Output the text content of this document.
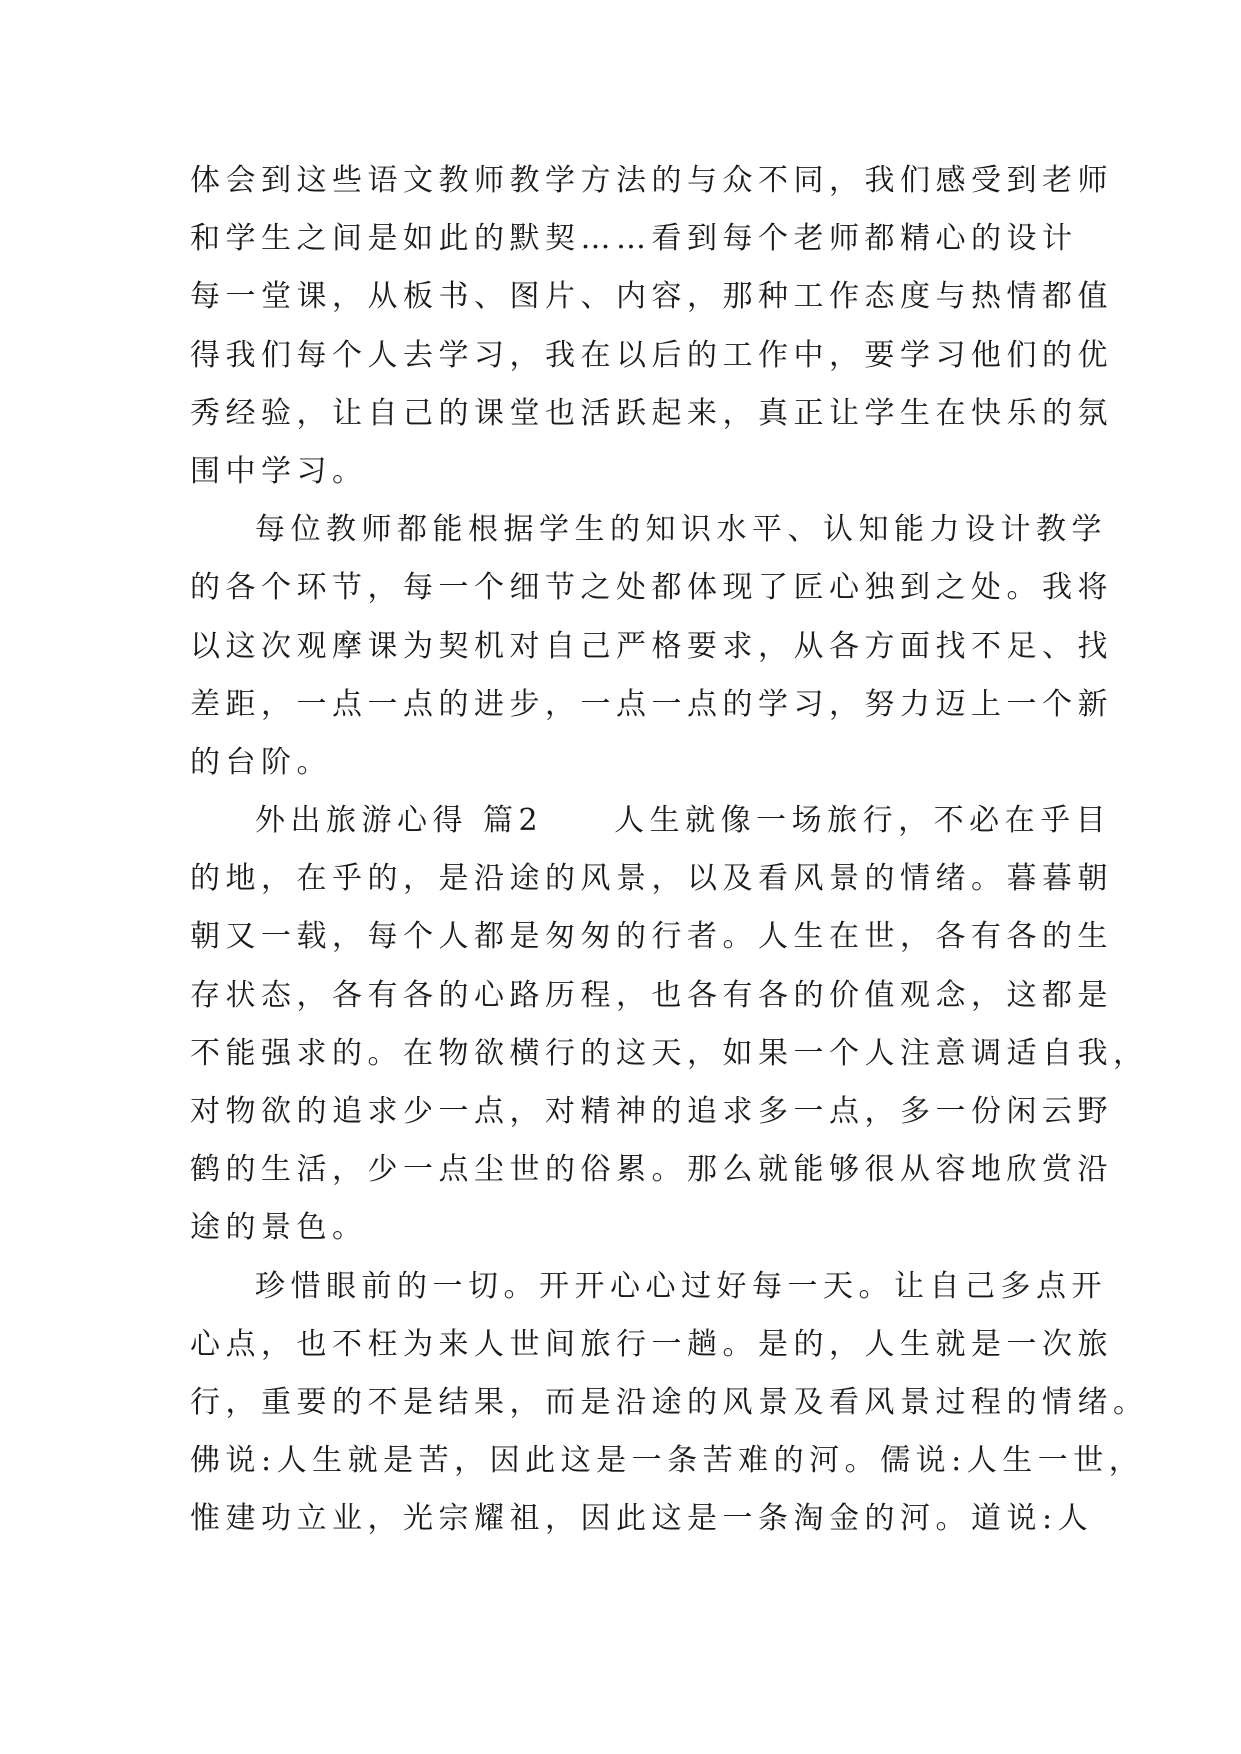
体会到这些语文教师教学方法的与众不同，我们感受到老师
和学生之间是如此的默契……看到每个老师都精心的设计
每一堂课，从板书、图片、内容，那种工作态度与热情都值
得我们每个人去学习，我在以后的工作中，要学习他们的优
秀经验，让自己的课堂也活跃起来，真正让学生在快乐的氛
围中学习。
每位教师都能根据学生的知识水平、认知能力设计教学
的各个环节，每一个细节之处都体现了匠心独到之处。我将
以这次观摩课为契机对自己严格要求，从各方面找不足、找
差距，一点一点的进步，一点一点的学习，努力迈上一个新
的台阶。
外出旅游心得 篇2　　人生就像一场旅行，不必在乎目
的地，在乎的，是沿途的风景，以及看风景的情绪。暮暮朝
朝又一载，每个人都是匆匆的行者。人生在世，各有各的生
存状态，各有各的心路历程，也各有各的价值观念，这都是
不能强求的。在物欲横行的这天，如果一个人注意调适自我，
对物欲的追求少一点，对精神的追求多一点，多一份闲云野
鹤的生活，少一点尘世的俗累。那么就能够很从容地欣赏沿
途的景色。
珍惜眼前的一切。开开心心过好每一天。让自己多点开
心点，也不枉为来人世间旅行一趟。是的，人生就是一次旅
行，重要的不是结果，而是沿途的风景及看风景过程的情绪。
佛说:人生就是苦，因此这是一条苦难的河。儒说:人生一世，
惟建功立业，光宗耀祖，因此这是一条淘金的河。道说:人
